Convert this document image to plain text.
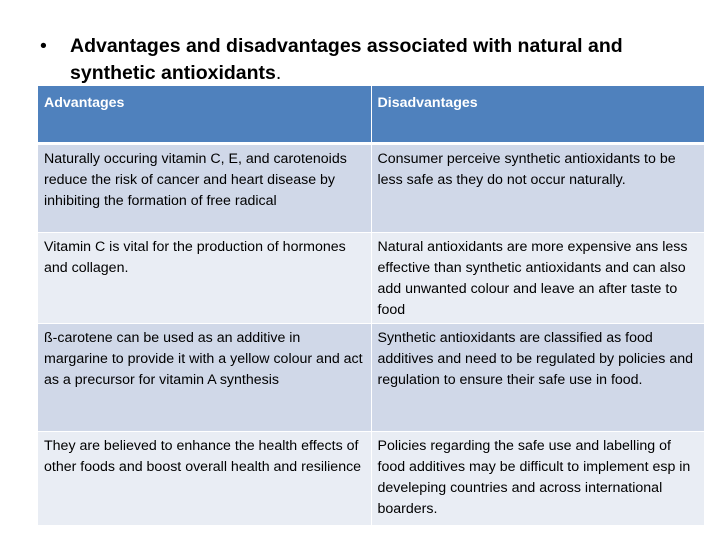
•	Advantages and disadvantages associated with natural and synthetic antioxidants.
Advantages	Disadvantages
Naturally occuring vitamin C, E, and carotenoids reduce the risk of cancer and heart disease by inhibiting the formation of free radical	Consumer perceive synthetic antioxidants to be less safe as they do not occur naturally.
Vitamin C is vital for the production of hormones and collagen.	Natural antioxidants are more expensive ans less effective than synthetic antioxidants and can also add unwanted colour and leave an after taste to food
ß-carotene can be used as an additive in margarine to provide it with a yellow colour and act as a precursor for vitamin A synthesis	Synthetic antioxidants are classified as food additives and need to be regulated by policies and regulation to ensure their safe use in food.
They are believed to enhance the health effects of other foods and boost overall health and resilience	Policies regarding the safe use and labelling of food additives may be difficult to implement esp in develeping countries and across international boarders.
